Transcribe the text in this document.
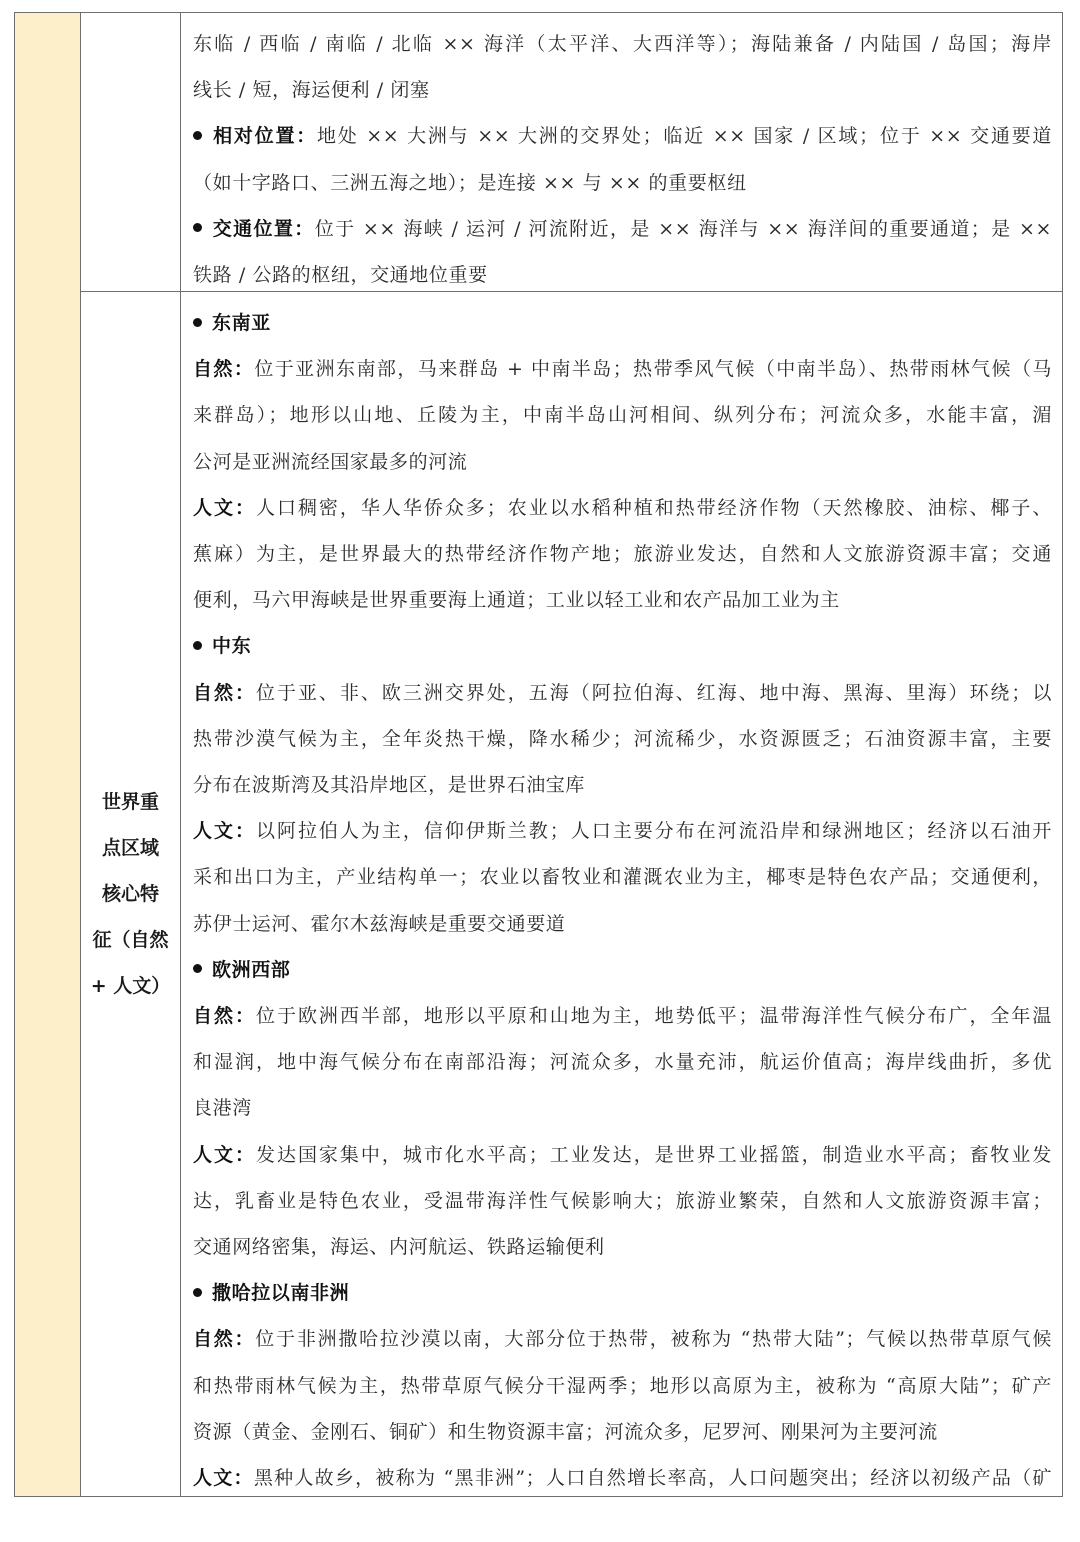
东临 / 西临 / 南临 / 北临 ×× 海洋（太平洋、大西洋等）；海陆兼备 / 内陆国 / 岛国；海岸
线长 / 短，海运便利 / 闭塞
相对位置：地处 ×× 大洲与 ×× 大洲的交界处；临近 ×× 国家 / 区域；位于 ×× 交通要道
（如十字路口、三洲五海之地）；是连接 ×× 与 ×× 的重要枢纽
交通位置：位于 ×× 海峡 / 运河 / 河流附近，是 ×× 海洋与 ×× 海洋间的重要通道；是 ××
铁路 / 公路的枢纽，交通地位重要
世界重
点区域
核心特
征（自然
+ 人文）
东南亚
自然：位于亚洲东南部，马来群岛 + 中南半岛；热带季风气候（中南半岛）、热带雨林气候（马
来群岛）；地形以山地、丘陵为主，中南半岛山河相间、纵列分布；河流众多，水能丰富，湄
公河是亚洲流经国家最多的河流
人文：人口稠密，华人华侨众多；农业以水稻种植和热带经济作物（天然橡胶、油棕、椰子、
蕉麻）为主，是世界最大的热带经济作物产地；旅游业发达，自然和人文旅游资源丰富；交通
便利，马六甲海峡是世界重要海上通道；工业以轻工业和农产品加工业为主
中东
自然：位于亚、非、欧三洲交界处，五海（阿拉伯海、红海、地中海、黑海、里海）环绕；以
热带沙漠气候为主，全年炎热干燥，降水稀少；河流稀少，水资源匮乏；石油资源丰富，主要
分布在波斯湾及其沿岸地区，是世界石油宝库
人文：以阿拉伯人为主，信仰伊斯兰教；人口主要分布在河流沿岸和绿洲地区；经济以石油开
采和出口为主，产业结构单一；农业以畜牧业和灌溉农业为主，椰枣是特色农产品；交通便利，
苏伊士运河、霍尔木兹海峡是重要交通要道
欧洲西部
自然：位于欧洲西半部，地形以平原和山地为主，地势低平；温带海洋性气候分布广，全年温
和湿润，地中海气候分布在南部沿海；河流众多，水量充沛，航运价值高；海岸线曲折，多优
良港湾
人文：发达国家集中，城市化水平高；工业发达，是世界工业摇篮，制造业水平高；畜牧业发
达，乳畜业是特色农业，受温带海洋性气候影响大；旅游业繁荣，自然和人文旅游资源丰富；
交通网络密集，海运、内河航运、铁路运输便利
撒哈拉以南非洲
自然：位于非洲撒哈拉沙漠以南，大部分位于热带，被称为 “热带大陆”；气候以热带草原气候
和热带雨林气候为主，热带草原气候分干湿两季；地形以高原为主，被称为 “高原大陆”；矿产
资源（黄金、金刚石、铜矿）和生物资源丰富；河流众多，尼罗河、刚果河为主要河流
人文：黑种人故乡，被称为 “黑非洲”；人口自然增长率高，人口问题突出；经济以初级产品（矿
